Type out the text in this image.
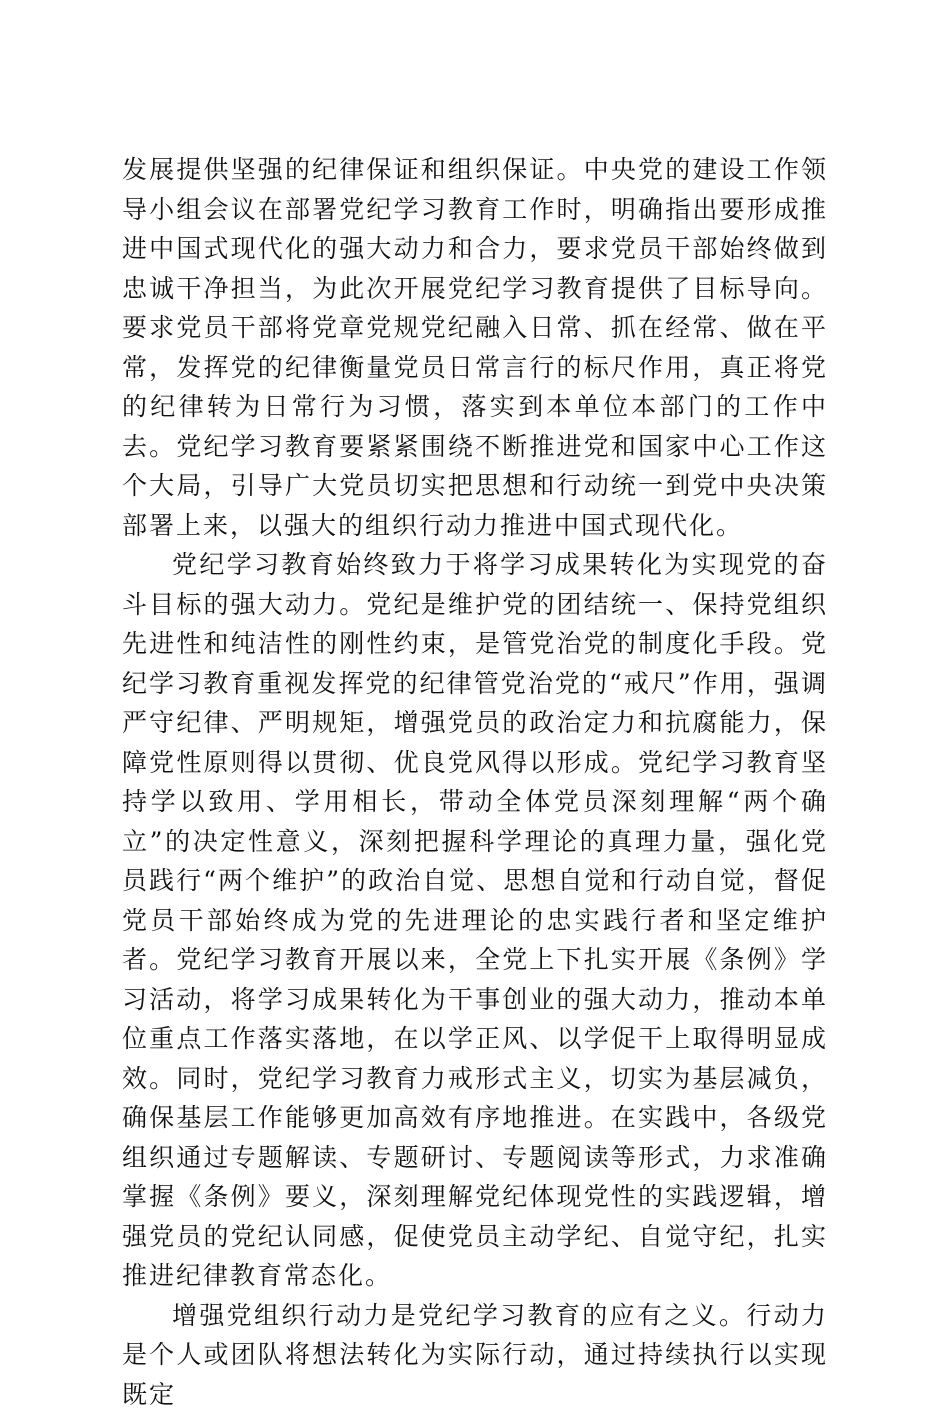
发展提供坚强的纪律保证和组织保证。中央党的建设工作领导小组会议在部署党纪学习教育工作时，明确指出要形成推进中国式现代化的强大动力和合力，要求党员干部始终做到忠诚干净担当，为此次开展党纪学习教育提供了目标导向。要求党员干部将党章党规党纪融入日常、抓在经常、做在平常，发挥党的纪律衡量党员日常言行的标尺作用，真正将党的纪律转为日常行为习惯，落实到本单位本部门的工作中去。党纪学习教育要紧紧围绕不断推进党和国家中心工作这个大局，引导广大党员切实把思想和行动统一到党中央决策部署上来，以强大的组织行动力推进中国式现代化。

党纪学习教育始终致力于将学习成果转化为实现党的奋斗目标的强大动力。党纪是维护党的团结统一、保持党组织先进性和纯洁性的刚性约束，是管党治党的制度化手段。党纪学习教育重视发挥党的纪律管党治党的“戒尺”作用，强调严守纪律、严明规矩，增强党员的政治定力和抗腐能力，保障党性原则得以贯彻、优良党风得以形成。党纪学习教育坚持学以致用、学用相长，带动全体党员深刻理解“两个确立”的决定性意义，深刻把握科学理论的真理力量，强化党员践行“两个维护”的政治自觉、思想自觉和行动自觉，督促党员干部始终成为党的先进理论的忠实践行者和坚定维护者。党纪学习教育开展以来，全党上下扎实开展《条例》学习活动，将学习成果转化为干事创业的强大动力，推动本单位重点工作落实落地，在以学正风、以学促干上取得明显成效。同时，党纪学习教育力戒形式主义，切实为基层减负，确保基层工作能够更加高效有序地推进。在实践中，各级党组织通过专题解读、专题研讨、专题阅读等形式，力求准确掌握《条例》要义，深刻理解党纪体现党性的实践逻辑，增强党员的党纪认同感，促使党员主动学纪、自觉守纪，扎实推进纪律教育常态化。

增强党组织行动力是党纪学习教育的应有之义。行动力是个人或团队将想法转化为实际行动，通过持续执行以实现既定
